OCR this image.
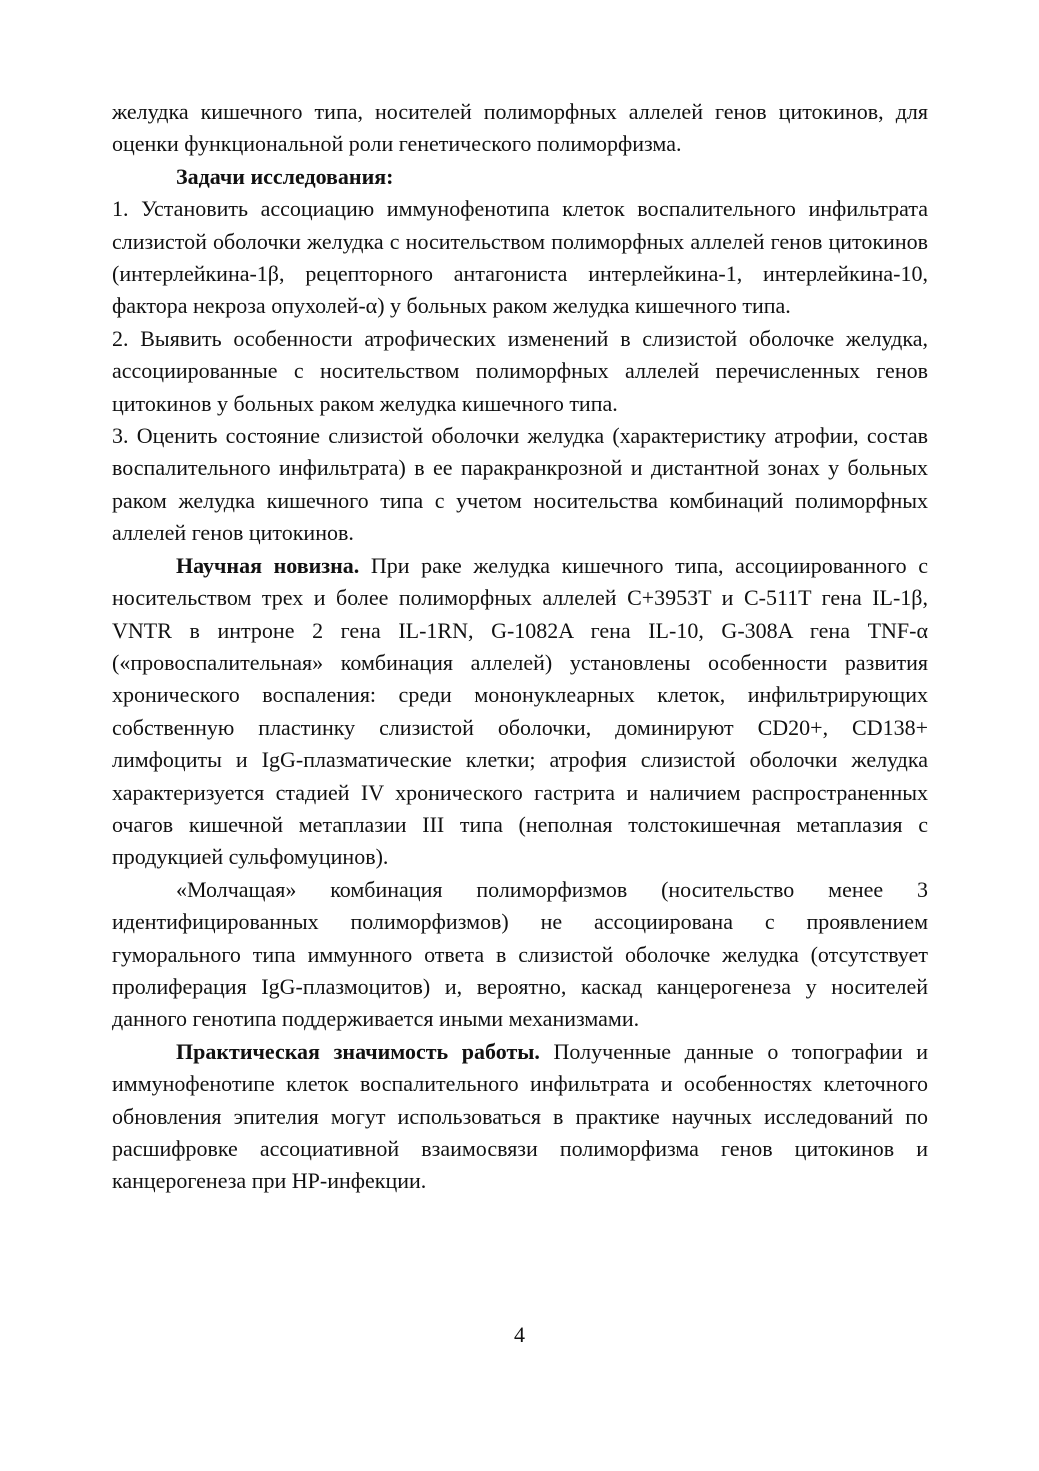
желудка кишечного типа, носителей полиморфных аллелей генов цитокинов, для оценки функциональной роли генетического полиморфизма.

Задачи исследования:

1. Установить ассоциацию иммунофенотипа клеток воспалительного инфильтрата слизистой оболочки желудка с носительством полиморфных аллелей генов цитокинов (интерлейкина-1β, рецепторного антагониста интерлейкина-1, интерлейкина-10, фактора некроза опухолей-α) у больных раком желудка кишечного типа.

2. Выявить особенности атрофических изменений в слизистой оболочке желудка, ассоциированные с носительством полиморфных аллелей перечисленных генов цитокинов у больных раком желудка кишечного типа.

3. Оценить состояние слизистой оболочки желудка (характеристику атрофии, состав воспалительного инфильтрата) в ее паракранкрозной и дистантной зонах у больных раком желудка кишечного типа с учетом носительства комбинаций полиморфных аллелей генов цитокинов.

Научная новизна. При раке желудка кишечного типа, ассоциированного с носительством трех и более полиморфных аллелей C+3953T и C-511T гена IL-1β, VNTR в интроне 2 гена IL-1RN, G-1082A гена IL-10, G-308A гена TNF-α («провоспалительная» комбинация аллелей) установлены особенности развития хронического воспаления: среди мононуклеарных клеток, инфильтрирующих собственную пластинку слизистой оболочки, доминируют CD20+, CD138+ лимфоциты и IgG-плазматические клетки; атрофия слизистой оболочки желудка характеризуется стадией IV хронического гастрита и наличием распространенных очагов кишечной метаплазии III типа (неполная толстокишечная метаплазия с продукцией сульфомуцинов).

«Молчащая» комбинация полиморфизмов (носительство менее 3 идентифицированных полиморфизмов) не ассоциирована с проявлением гуморального типа иммунного ответа в слизистой оболочке желудка (отсутствует пролиферация IgG-плазмоцитов) и, вероятно, каскад канцерогенеза у носителей данного генотипа поддерживается иными механизмами.

Практическая значимость работы. Полученные данные о топографии и иммунофенотипе клеток воспалительного инфильтрата и особенностях клеточного обновления эпителия могут использоваться в практике научных исследований по расшифровке ассоциативной взаимосвязи полиморфизма генов цитокинов и канцерогенеза при НР-инфекции.

4
